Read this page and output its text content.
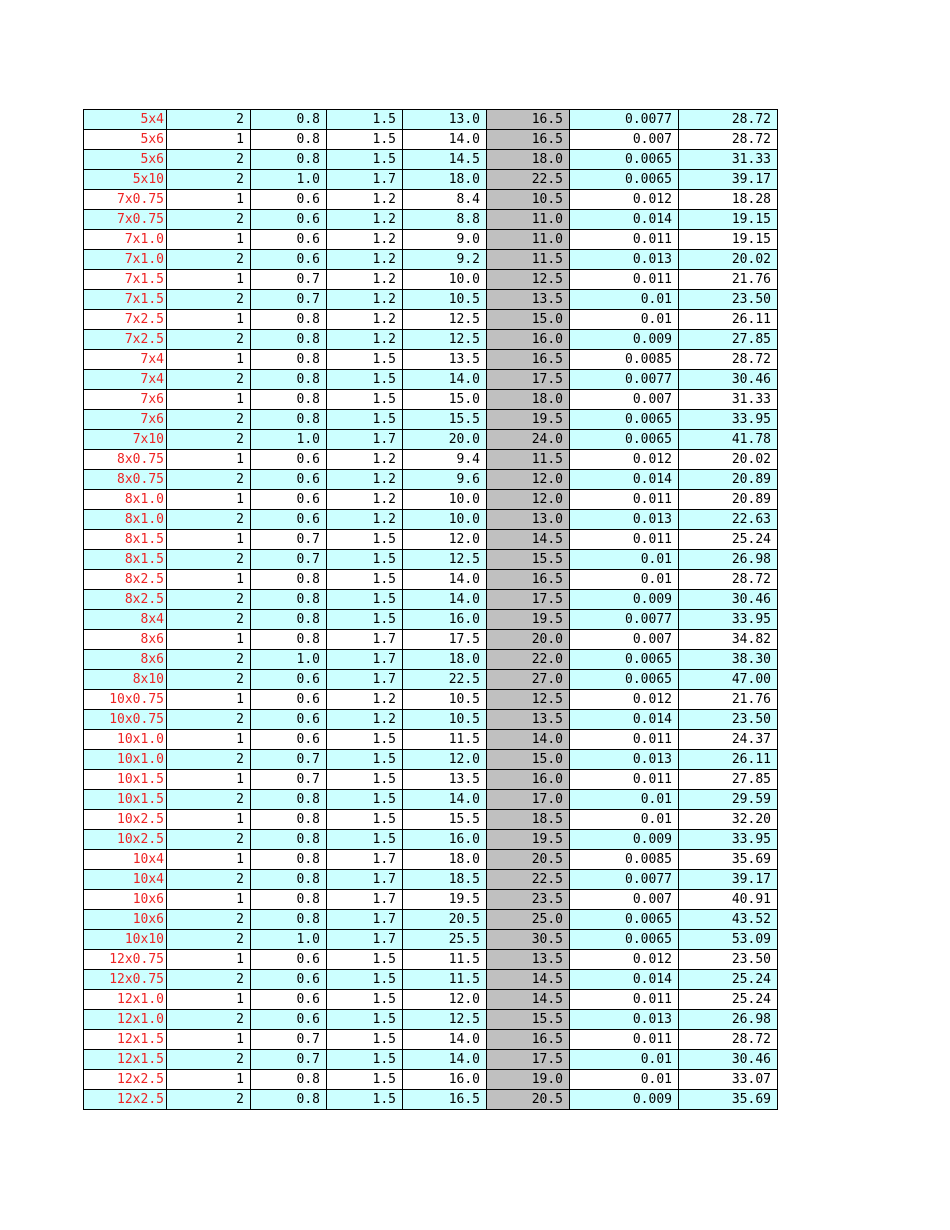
5x4	2	0.8	1.5	13.0	16.5	0.0077	28.72
5x6	1	0.8	1.5	14.0	16.5	0.007	28.72
5x6	2	0.8	1.5	14.5	18.0	0.0065	31.33
5x10	2	1.0	1.7	18.0	22.5	0.0065	39.17
7x0.75	1	0.6	1.2	8.4	10.5	0.012	18.28
7x0.75	2	0.6	1.2	8.8	11.0	0.014	19.15
7x1.0	1	0.6	1.2	9.0	11.0	0.011	19.15
7x1.0	2	0.6	1.2	9.2	11.5	0.013	20.02
7x1.5	1	0.7	1.2	10.0	12.5	0.011	21.76
7x1.5	2	0.7	1.2	10.5	13.5	0.01	23.50
7x2.5	1	0.8	1.2	12.5	15.0	0.01	26.11
7x2.5	2	0.8	1.2	12.5	16.0	0.009	27.85
7x4	1	0.8	1.5	13.5	16.5	0.0085	28.72
7x4	2	0.8	1.5	14.0	17.5	0.0077	30.46
7x6	1	0.8	1.5	15.0	18.0	0.007	31.33
7x6	2	0.8	1.5	15.5	19.5	0.0065	33.95
7x10	2	1.0	1.7	20.0	24.0	0.0065	41.78
8x0.75	1	0.6	1.2	9.4	11.5	0.012	20.02
8x0.75	2	0.6	1.2	9.6	12.0	0.014	20.89
8x1.0	1	0.6	1.2	10.0	12.0	0.011	20.89
8x1.0	2	0.6	1.2	10.0	13.0	0.013	22.63
8x1.5	1	0.7	1.5	12.0	14.5	0.011	25.24
8x1.5	2	0.7	1.5	12.5	15.5	0.01	26.98
8x2.5	1	0.8	1.5	14.0	16.5	0.01	28.72
8x2.5	2	0.8	1.5	14.0	17.5	0.009	30.46
8x4	2	0.8	1.5	16.0	19.5	0.0077	33.95
8x6	1	0.8	1.7	17.5	20.0	0.007	34.82
8x6	2	1.0	1.7	18.0	22.0	0.0065	38.30
8x10	2	0.6	1.7	22.5	27.0	0.0065	47.00
10x0.75	1	0.6	1.2	10.5	12.5	0.012	21.76
10x0.75	2	0.6	1.2	10.5	13.5	0.014	23.50
10x1.0	1	0.6	1.5	11.5	14.0	0.011	24.37
10x1.0	2	0.7	1.5	12.0	15.0	0.013	26.11
10x1.5	1	0.7	1.5	13.5	16.0	0.011	27.85
10x1.5	2	0.8	1.5	14.0	17.0	0.01	29.59
10x2.5	1	0.8	1.5	15.5	18.5	0.01	32.20
10x2.5	2	0.8	1.5	16.0	19.5	0.009	33.95
10x4	1	0.8	1.7	18.0	20.5	0.0085	35.69
10x4	2	0.8	1.7	18.5	22.5	0.0077	39.17
10x6	1	0.8	1.7	19.5	23.5	0.007	40.91
10x6	2	0.8	1.7	20.5	25.0	0.0065	43.52
10x10	2	1.0	1.7	25.5	30.5	0.0065	53.09
12x0.75	1	0.6	1.5	11.5	13.5	0.012	23.50
12x0.75	2	0.6	1.5	11.5	14.5	0.014	25.24
12x1.0	1	0.6	1.5	12.0	14.5	0.011	25.24
12x1.0	2	0.6	1.5	12.5	15.5	0.013	26.98
12x1.5	1	0.7	1.5	14.0	16.5	0.011	28.72
12x1.5	2	0.7	1.5	14.0	17.5	0.01	30.46
12x2.5	1	0.8	1.5	16.0	19.0	0.01	33.07
12x2.5	2	0.8	1.5	16.5	20.5	0.009	35.69
